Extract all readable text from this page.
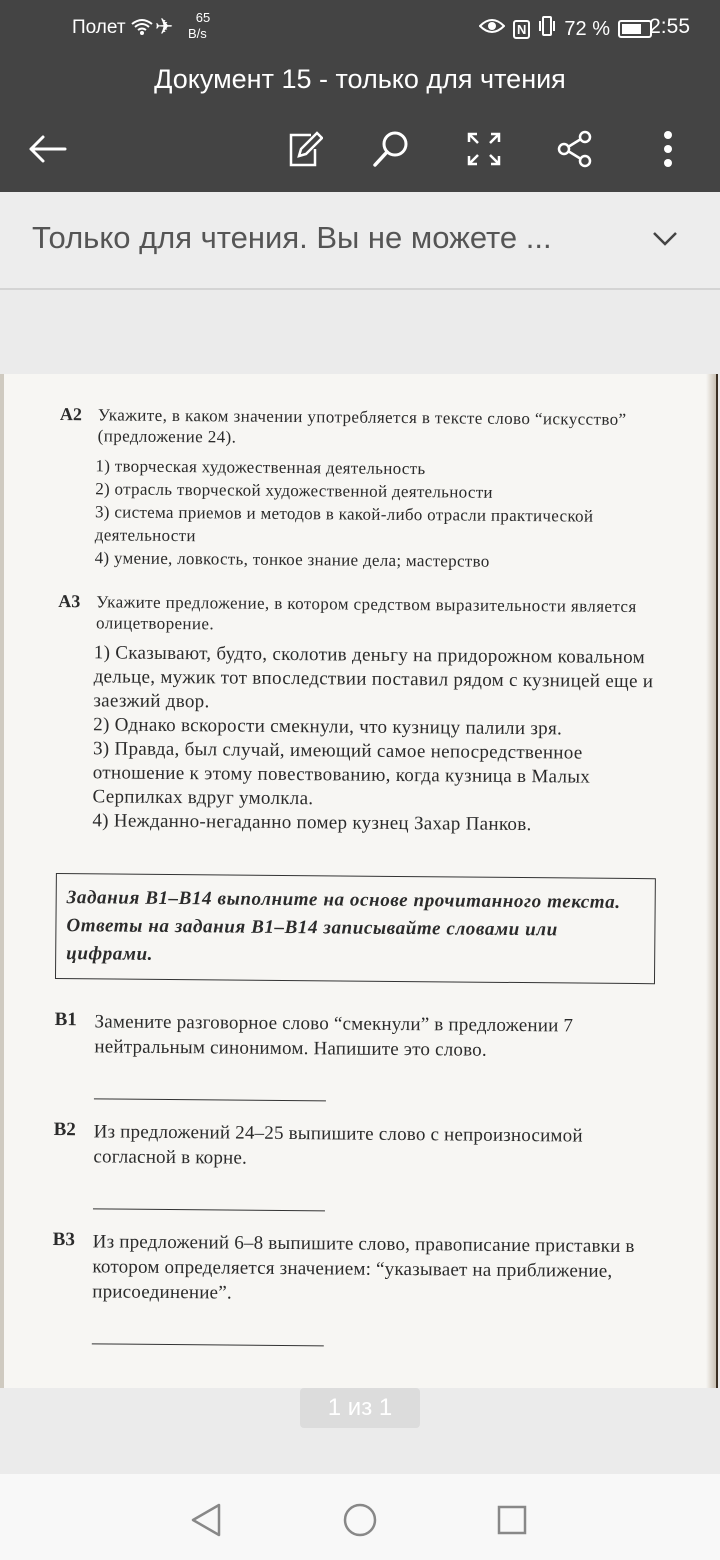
Полет ✈	65
B/s	N 72 % 2:55
Документ 15 - только для чтения
Только для чтения. Вы не можете ...
А2 Укажите, в каком значении употребляется в тексте слово “искусство” (предложение 24).
1) творческая художественная деятельность
2) отрасль творческой художественной деятельности
3) система приемов и методов в какой-либо отрасли практической деятельности
4) умение, ловкость, тонкое знание дела; мастерство
А3 Укажите предложение, в котором средством выразительности является олицетворение.
1) Сказывают, будто, сколотив деньгу на придорожном ковальном дельце, мужик тот впоследствии поставил рядом с кузницей еще и заезжий двор.
2) Однако вскорости смекнули, что кузницу палили зря.
3) Правда, был случай, имеющий самое непосредственное отношение к этому повествованию, когда кузница в Малых Серпилках вдруг умолкла.
4) Нежданно-негаданно помер кузнец Захар Панков.
Задания В1–В14 выполните на основе прочитанного текста. Ответы на задания В1–В14 записывайте словами или цифрами.
В1 Замените разговорное слово “смекнули” в предложении 7 нейтральным синонимом. Напишите это слово.
В2 Из предложений 24–25 выпишите слово с непроизносимой согласной в корне.
В3 Из предложений 6–8 выпишите слово, правописание приставки в котором определяется значением: “указывает на приближение, присоединение”.
1 из 1
